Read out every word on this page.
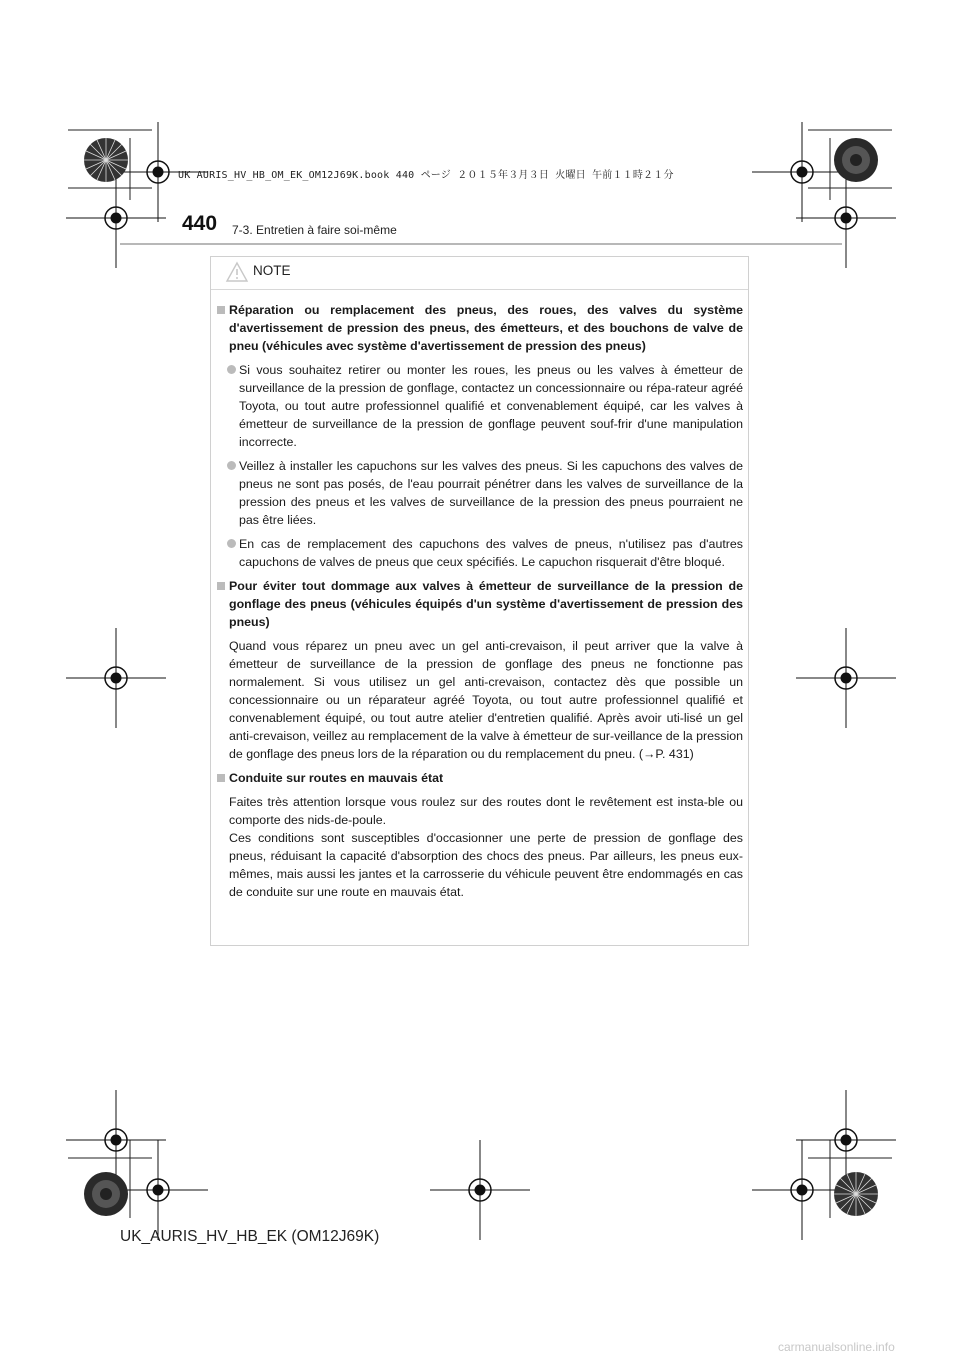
UK AURIS_HV_HB_OM_EK_OM12J69K.book 440 ページ ２０１５年３月３日 火曜日 午前１１時２１分
440 7-3. Entretien à faire soi-même
NOTE
Réparation ou remplacement des pneus, des roues, des valves du système d'avertissement de pression des pneus, des émetteurs, et des bouchons de valve de pneu (véhicules avec système d'avertissement de pression des pneus)
Si vous souhaitez retirer ou monter les roues, les pneus ou les valves à émetteur de surveillance de la pression de gonflage, contactez un concessionnaire ou répa-rateur agréé Toyota, ou tout autre professionnel qualifié et convenablement équipé, car les valves à émetteur de surveillance de la pression de gonflage peuvent souf-frir d'une manipulation incorrecte.
Veillez à installer les capuchons sur les valves des pneus. Si les capuchons des valves de pneus ne sont pas posés, de l'eau pourrait pénétrer dans les valves de surveillance de la pression des pneus et les valves de surveillance de la pression des pneus pourraient ne pas être liées.
En cas de remplacement des capuchons des valves de pneus, n'utilisez pas d'autres capuchons de valves de pneus que ceux spécifiés. Le capuchon risquerait d'être bloqué.
Pour éviter tout dommage aux valves à émetteur de surveillance de la pression de gonflage des pneus (véhicules équipés d'un système d'avertissement de pression des pneus)
Quand vous réparez un pneu avec un gel anti-crevaison, il peut arriver que la valve à émetteur de surveillance de la pression de gonflage des pneus ne fonctionne pas normalement. Si vous utilisez un gel anti-crevaison, contactez dès que possible un concessionnaire ou un réparateur agréé Toyota, ou tout autre professionnel qualifié et convenablement équipé, ou tout autre atelier d'entretien qualifié. Après avoir uti-lisé un gel anti-crevaison, veillez au remplacement de la valve à émetteur de sur-veillance de la pression de gonflage des pneus lors de la réparation ou du remplacement du pneu. (→P. 431)
Conduite sur routes en mauvais état
Faites très attention lorsque vous roulez sur des routes dont le revêtement est insta-ble ou comporte des nids-de-poule.
Ces conditions sont susceptibles d'occasionner une perte de pression de gonflage des pneus, réduisant la capacité d'absorption des chocs des pneus. Par ailleurs, les pneus eux-mêmes, mais aussi les jantes et la carrosserie du véhicule peuvent être endommagés en cas de conduite sur une route en mauvais état.
UK_AURIS_HV_HB_EK (OM12J69K)
carmanualsonline.info
